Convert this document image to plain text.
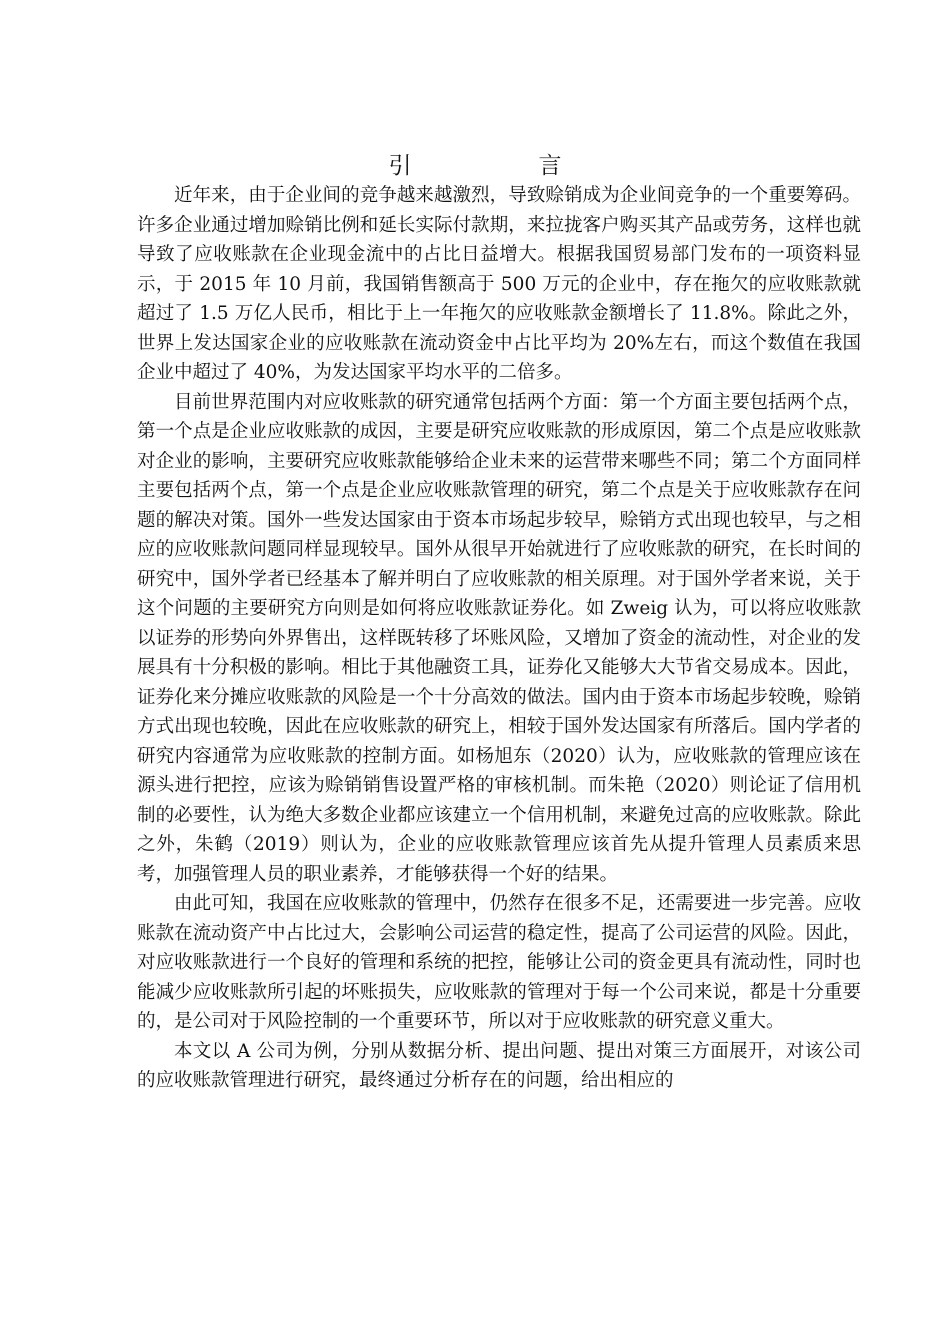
引　言

近年来，由于企业间的竞争越来越激烈，导致赊销成为企业间竞争的一个重要筹码。许多企业通过增加赊销比例和延长实际付款期，来拉拢客户购买其产品或劳务，这样也就导致了应收账款在企业现金流中的占比日益增大。根据我国贸易部门发布的一项资料显示，于 2015 年 10 月前，我国销售额高于 500 万元的企业中，存在拖欠的应收账款就超过了 1.5 万亿人民币，相比于上一年拖欠的应收账款金额增长了 11.8%。除此之外，世界上发达国家企业的应收账款在流动资金中占比平均为 20%左右，而这个数值在我国企业中超过了 40%，为发达国家平均水平的二倍多。

目前世界范围内对应收账款的研究通常包括两个方面：第一个方面主要包括两个点，第一个点是企业应收账款的成因，主要是研究应收账款的形成原因，第二个点是应收账款对企业的影响，主要研究应收账款能够给企业未来的运营带来哪些不同；第二个方面同样主要包括两个点，第一个点是企业应收账款管理的研究，第二个点是关于应收账款存在问题的解决对策。国外一些发达国家由于资本市场起步较早，赊销方式出现也较早，与之相应的应收账款问题同样显现较早。国外从很早开始就进行了应收账款的研究，在长时间的研究中，国外学者已经基本了解并明白了应收账款的相关原理。对于国外学者来说，关于这个问题的主要研究方向则是如何将应收账款证券化。如 Zweig 认为，可以将应收账款以证券的形势向外界售出，这样既转移了坏账风险，又增加了资金的流动性，对企业的发展具有十分积极的影响。相比于其他融资工具，证券化又能够大大节省交易成本。因此，证券化来分摊应收账款的风险是一个十分高效的做法。国内由于资本市场起步较晚，赊销方式出现也较晚，因此在应收账款的研究上，相较于国外发达国家有所落后。国内学者的研究内容通常为应收账款的控制方面。如杨旭东（2020）认为，应收账款的管理应该在源头进行把控，应该为赊销销售设置严格的审核机制。而朱艳（2020）则论证了信用机制的必要性，认为绝大多数企业都应该建立一个信用机制，来避免过高的应收账款。除此之外，朱鹤（2019）则认为，企业的应收账款管理应该首先从提升管理人员素质来思考，加强管理人员的职业素养，才能够获得一个好的结果。

由此可知，我国在应收账款的管理中，仍然存在很多不足，还需要进一步完善。应收账款在流动资产中占比过大，会影响公司运营的稳定性，提高了公司运营的风险。因此，对应收账款进行一个良好的管理和系统的把控，能够让公司的资金更具有流动性，同时也能减少应收账款所引起的坏账损失，应收账款的管理对于每一个公司来说，都是十分重要的，是公司对于风险控制的一个重要环节，所以对于应收账款的研究意义重大。

本文以 A 公司为例，分别从数据分析、提出问题、提出对策三方面展开，对该公司的应收账款管理进行研究，最终通过分析存在的问题，给出相应的
